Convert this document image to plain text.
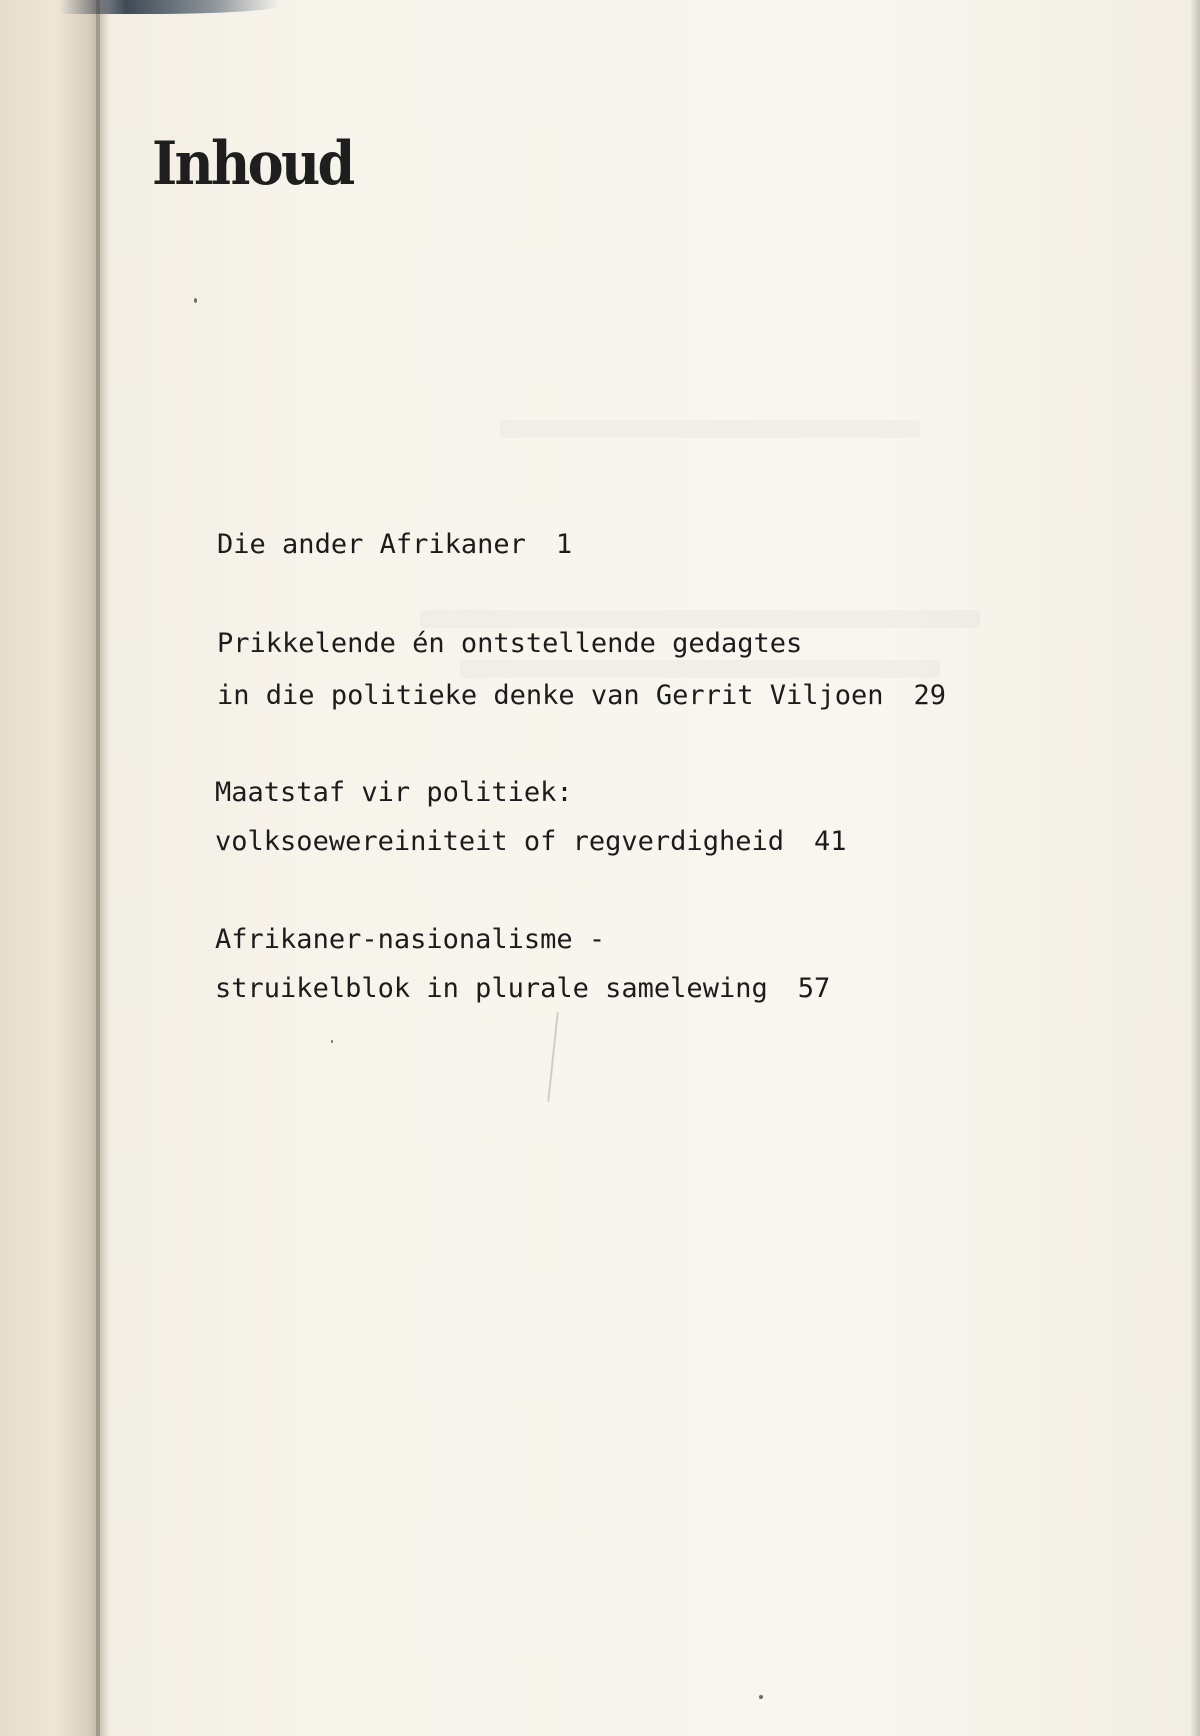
Inhoud

Die ander Afrikaner 1

Prikkelende én ontstellende gedagtes

in die politieke denke van Gerrit Viljoen 29

Maatstaf vir politiek:

volksoewereiniteit of regverdigheid 41

Afrikaner-nasionalisme -

struikelblok in plurale samelewing 57
